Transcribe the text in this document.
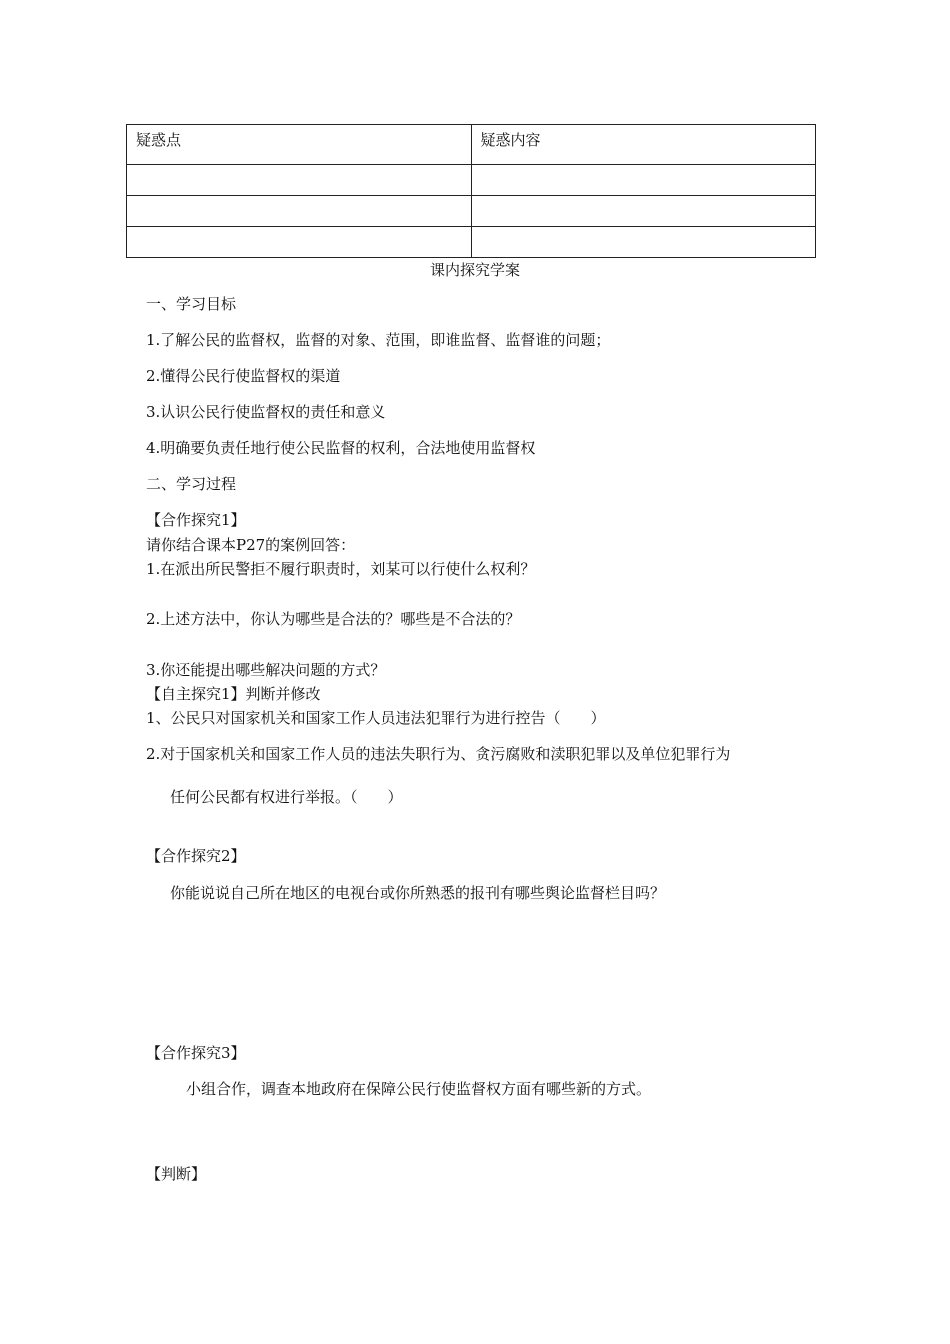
疑惑点	疑惑内容

课内探究学案
一、学习目标
1.了解公民的监督权，监督的对象、范围，即谁监督、监督谁的问题；
2.懂得公民行使监督权的渠道
3.认识公民行使监督权的责任和意义
4.明确要负责任地行使公民监督的权利，合法地使用监督权
二、学习过程
【合作探究1】
请你结合课本P27的案例回答：
1.在派出所民警拒不履行职责时，刘某可以行使什么权利？
2.上述方法中，你认为哪些是合法的？哪些是不合法的？
3.你还能提出哪些解决问题的方式？
【自主探究1】判断并修改
1、公民只对国家机关和国家工作人员违法犯罪行为进行控告（　　）
2.对于国家机关和国家工作人员的违法失职行为、贪污腐败和渎职犯罪以及单位犯罪行为
任何公民都有权进行举报。（　　）
【合作探究2】
你能说说自己所在地区的电视台或你所熟悉的报刊有哪些舆论监督栏目吗？
【合作探究3】
小组合作，调查本地政府在保障公民行使监督权方面有哪些新的方式。
【判断】
